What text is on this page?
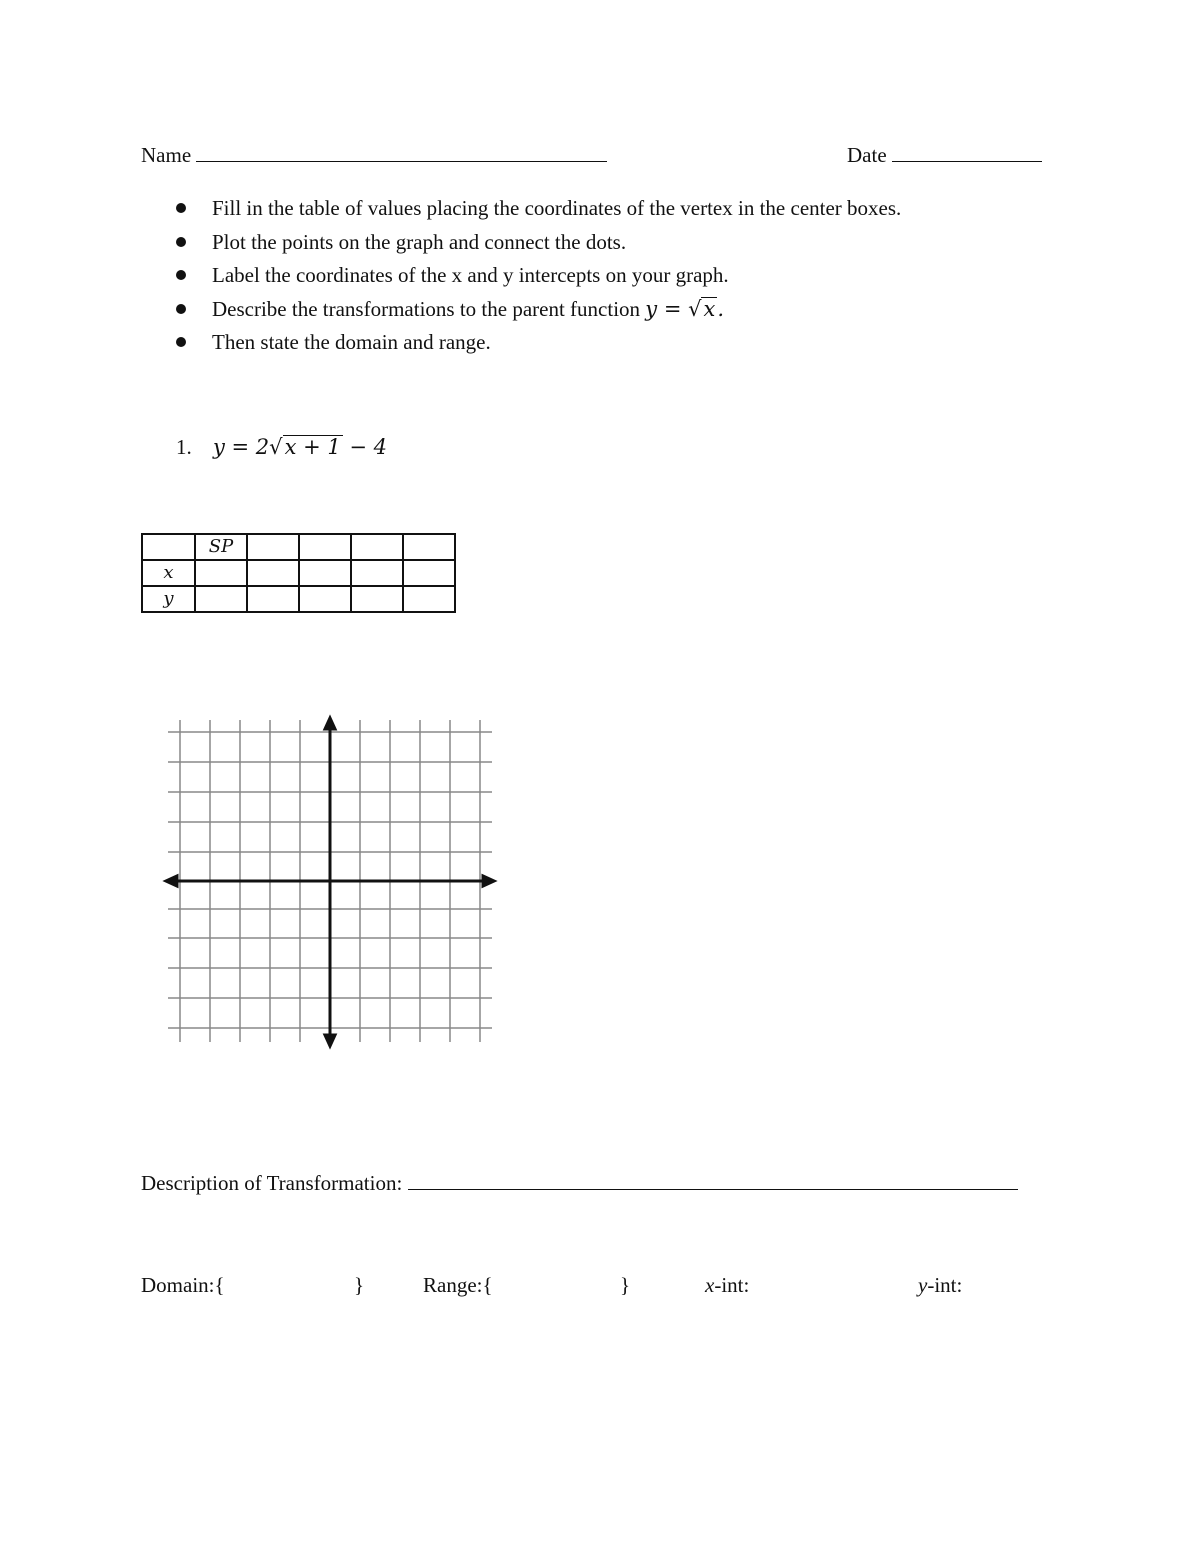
Name	Date
Fill in the table of values placing the coordinates of the vertex in the center boxes.
Plot the points on the graph and connect the dots.
Label the coordinates of the x and y intercepts on your graph.
Describe the transformations to the parent function y = √x.
Then state the domain and range.
1. y = 2√x + 1 − 4
	SP				
x					
y					
Description of Transformation:
Domain:{	}	Range:{	}	x-int:	y-int:
